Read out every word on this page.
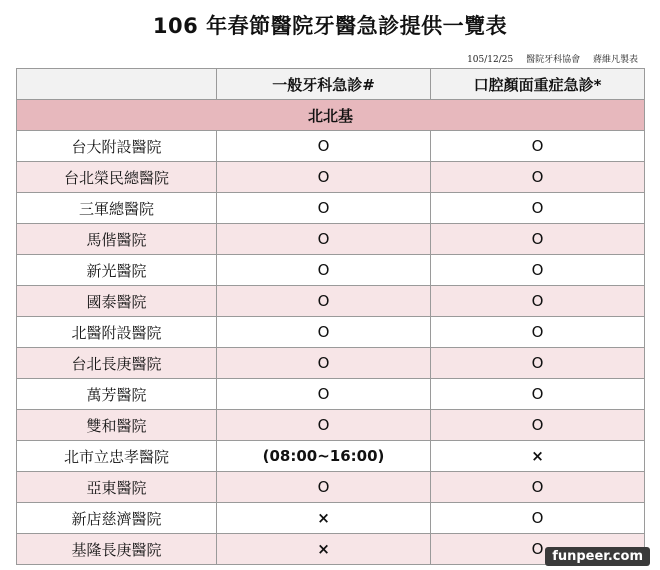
106 年春節醫院牙醫急診提供一覽表
105/12/25 醫院牙科協會 蔣維凡製表
	一般牙科急診#	口腔顏面重症急診*
北北基		
台大附設醫院	O	O
台北榮民總醫院	O	O
三軍總醫院	O	O
馬偕醫院	O	O
新光醫院	O	O
國泰醫院	O	O
北醫附設醫院	O	O
台北長庚醫院	O	O
萬芳醫院	O	O
雙和醫院	O	O
北市立忠孝醫院	(08:00~16:00)	×
亞東醫院	O	O
新店慈濟醫院	×	O
基隆長庚醫院	×	O funpeer.com
